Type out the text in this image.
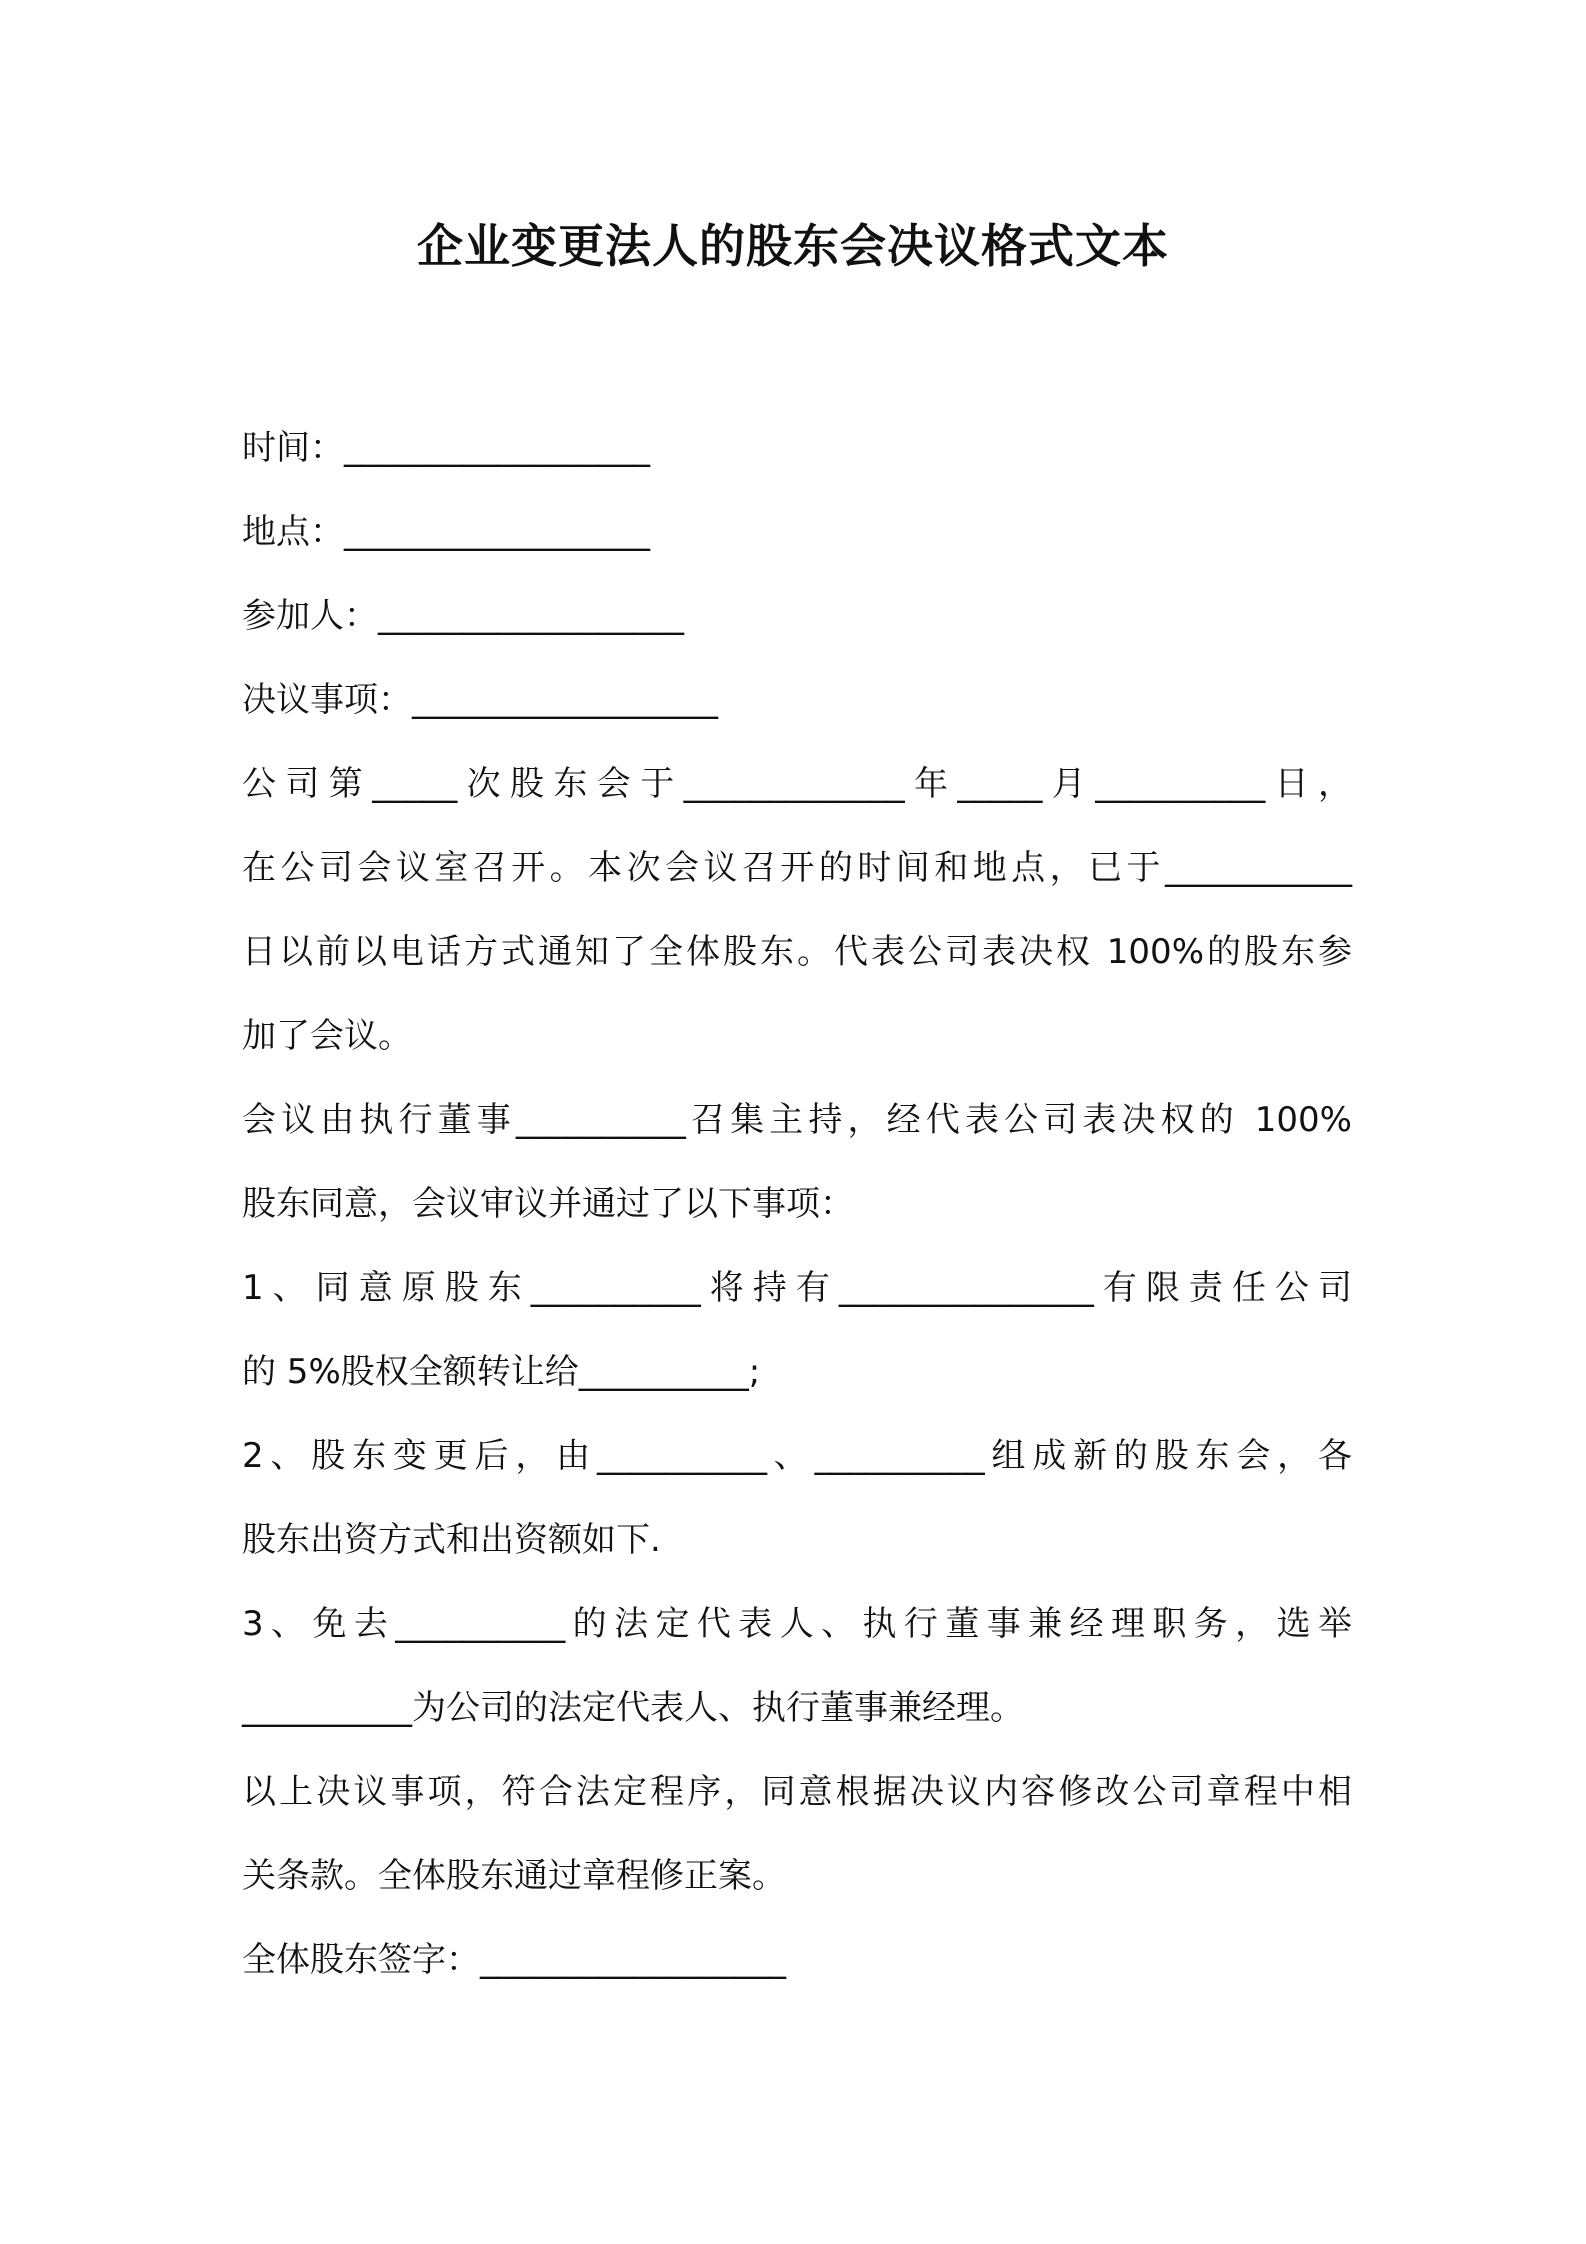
企业变更法人的股东会决议格式文本
时间：__________________
地点：__________________
参加人：__________________
决议事项：__________________
公司第_____次股东会于_____________年_____月__________日，
在公司会议室召开。本次会议召开的时间和地点，已于___________
日以前以电话方式通知了全体股东。代表公司表决权 100%的股东参
加了会议。
会议由执行董事__________召集主持，经代表公司表决权的 100%
股东同意，会议审议并通过了以下事项：
1、同意原股东__________将持有_______________有限责任公司
的 5%股权全额转让给__________;
2、股东变更后，由__________、__________组成新的股东会，各
股东出资方式和出资额如下.
3、免去__________的法定代表人、执行董事兼经理职务，选举
__________为公司的法定代表人、执行董事兼经理。
以上决议事项，符合法定程序，同意根据决议内容修改公司章程中相
关条款。全体股东通过章程修正案。
全体股东签字：__________________
